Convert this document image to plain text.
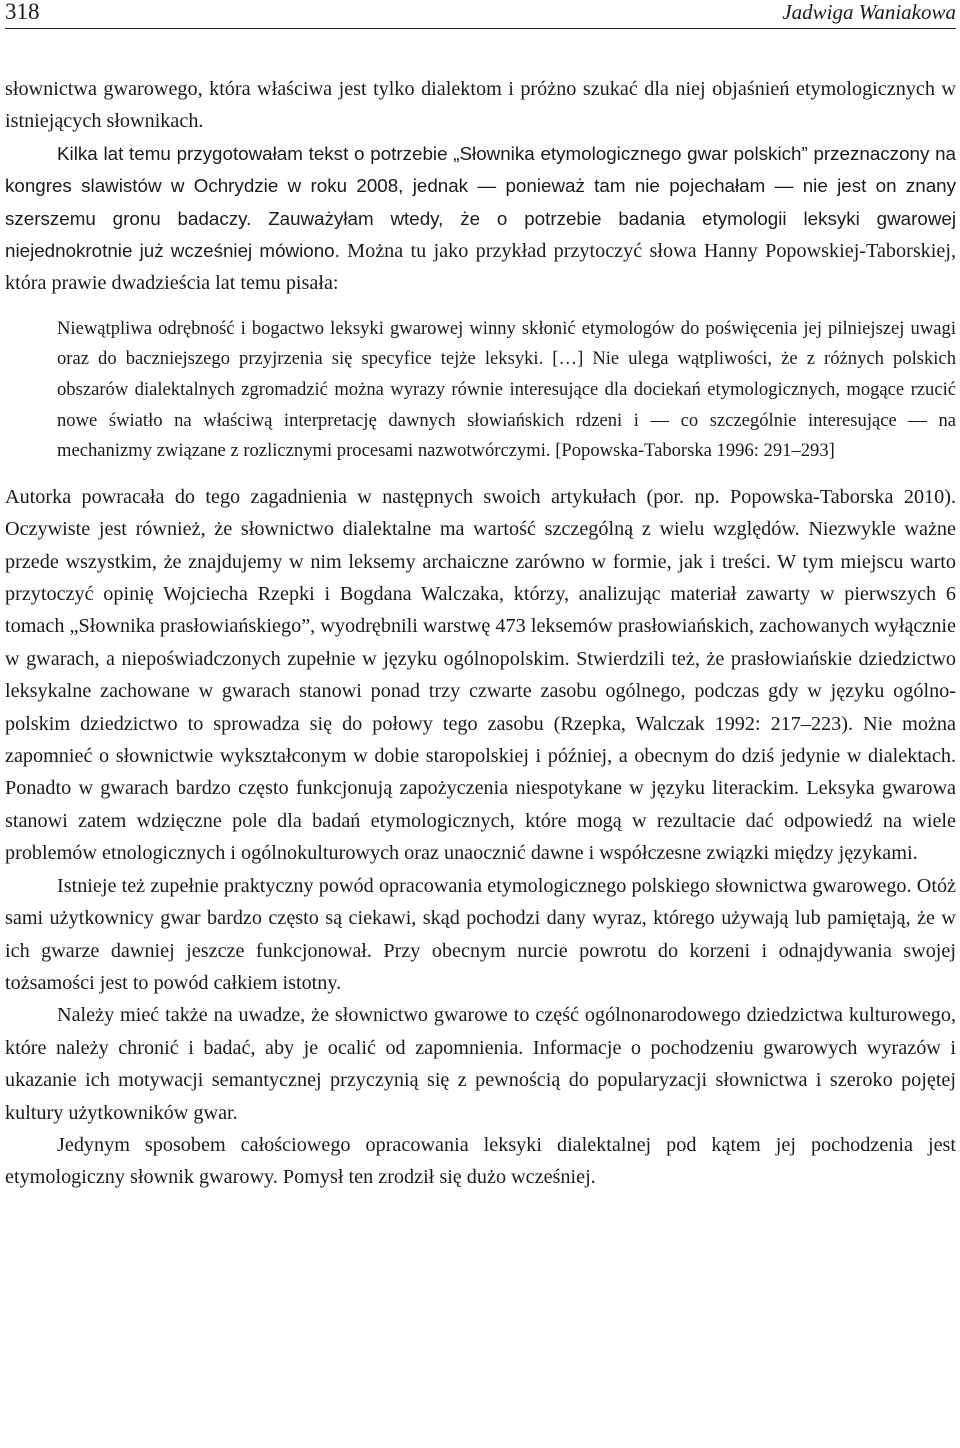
318	Jadwiga Waniakowa

słownictwa gwarowego, która właściwa jest tylko dialektom i próżno szukać dla niej objaśnień etymologicznych w istniejących słownikach.

Kilka lat temu przygotowałam tekst o potrzebie „Słownika etymologicznego gwar polskich” przeznaczony na kongres slawistów w Ochrydzie w roku 2008, jednak — ponieważ tam nie pojechałam — nie jest on znany szerszemu gronu badaczy. Zauważyłam wtedy, że o potrzebie badania etymologii leksyki gwarowej niejednokrotnie już wcześniej mówiono. Można tu jako przykład przytoczyć słowa Hanny Popowskiej-Taborskiej, która prawie dwadzieścia lat temu pisała:

Niewątpliwa odrębność i bogactwo leksyki gwarowej winny skłonić etymologów do poświęcenia jej pilniejszej uwagi oraz do baczniejszego przyjrzenia się specyfice tejże leksyki. […] Nie ulega wątpliwości, że z różnych polskich obszarów dialektalnych zgromadzić można wyrazy równie interesujące dla dociekań etymologicznych, mogące rzucić nowe światło na właściwą interpretację dawnych słowiańskich rdzeni i — co szczególnie interesujące — na mechanizmy związane z rozlicznymi procesami nazwotwórczymi. [Popowska-Taborska 1996: 291–293]

Autorka powracała do tego zagadnienia w następnych swoich artykułach (por. np. Popowska-Taborska 2010). Oczywiste jest również, że słownictwo dialektalne ma wartość szczególną z wielu względów. Niezwykle ważne przede wszystkim, że znajdujemy w nim leksemy archaiczne zarówno w formie, jak i treści. W tym miejscu warto przytoczyć opinię Wojciecha Rzepki i Bogdana Walczaka, którzy, analizując materiał zawarty w pierwszych 6 tomach „Słownika prasłowiańskiego”, wyodrębnili warstwę 473 leksemów prasłowiańskich, zachowanych wyłącznie w gwarach, a niepoświadczonych zupełnie w języku ogólnopolskim. Stwierdzili też, że prasłowiańskie dziedzictwo leksykalne zachowane w gwarach stanowi ponad trzy czwarte zasobu ogólnego, podczas gdy w języku ogólnopolskim dziedzictwo to sprowadza się do połowy tego zasobu (Rzepka, Walczak 1992: 217–223). Nie można zapomnieć o słownictwie wykształconym w dobie staropolskiej i później, a obecnym do dziś jedynie w dialektach. Ponadto w gwarach bardzo często funkcjonują zapożyczenia niespotykane w języku literackim. Leksyka gwarowa stanowi zatem wdzięczne pole dla badań etymologicznych, które mogą w rezultacie dać odpowiedź na wiele problemów etnologicznych i ogólnokulturowych oraz unaocznić dawne i współczesne związki między językami.

Istnieje też zupełnie praktyczny powód opracowania etymologicznego polskiego słownictwa gwarowego. Otóż sami użytkownicy gwar bardzo często są ciekawi, skąd pochodzi dany wyraz, którego używają lub pamiętają, że w ich gwarze dawniej jeszcze funkcjonował. Przy obecnym nurcie powrotu do korzeni i odnajdywania swojej tożsamości jest to powód całkiem istotny.

Należy mieć także na uwadze, że słownictwo gwarowe to część ogólnonarodowego dziedzictwa kulturowego, które należy chronić i badać, aby je ocalić od zapomnienia. Informacje o pochodzeniu gwarowych wyrazów i ukazanie ich motywacji semantycznej przyczynią się z pewnością do popularyzacji słownictwa i szeroko pojętej kultury użytkowników gwar.

Jedynym sposobem całościowego opracowania leksyki dialektalnej pod kątem jej pochodzenia jest etymologiczny słownik gwarowy. Pomysł ten zrodził się dużo wcześniej.
